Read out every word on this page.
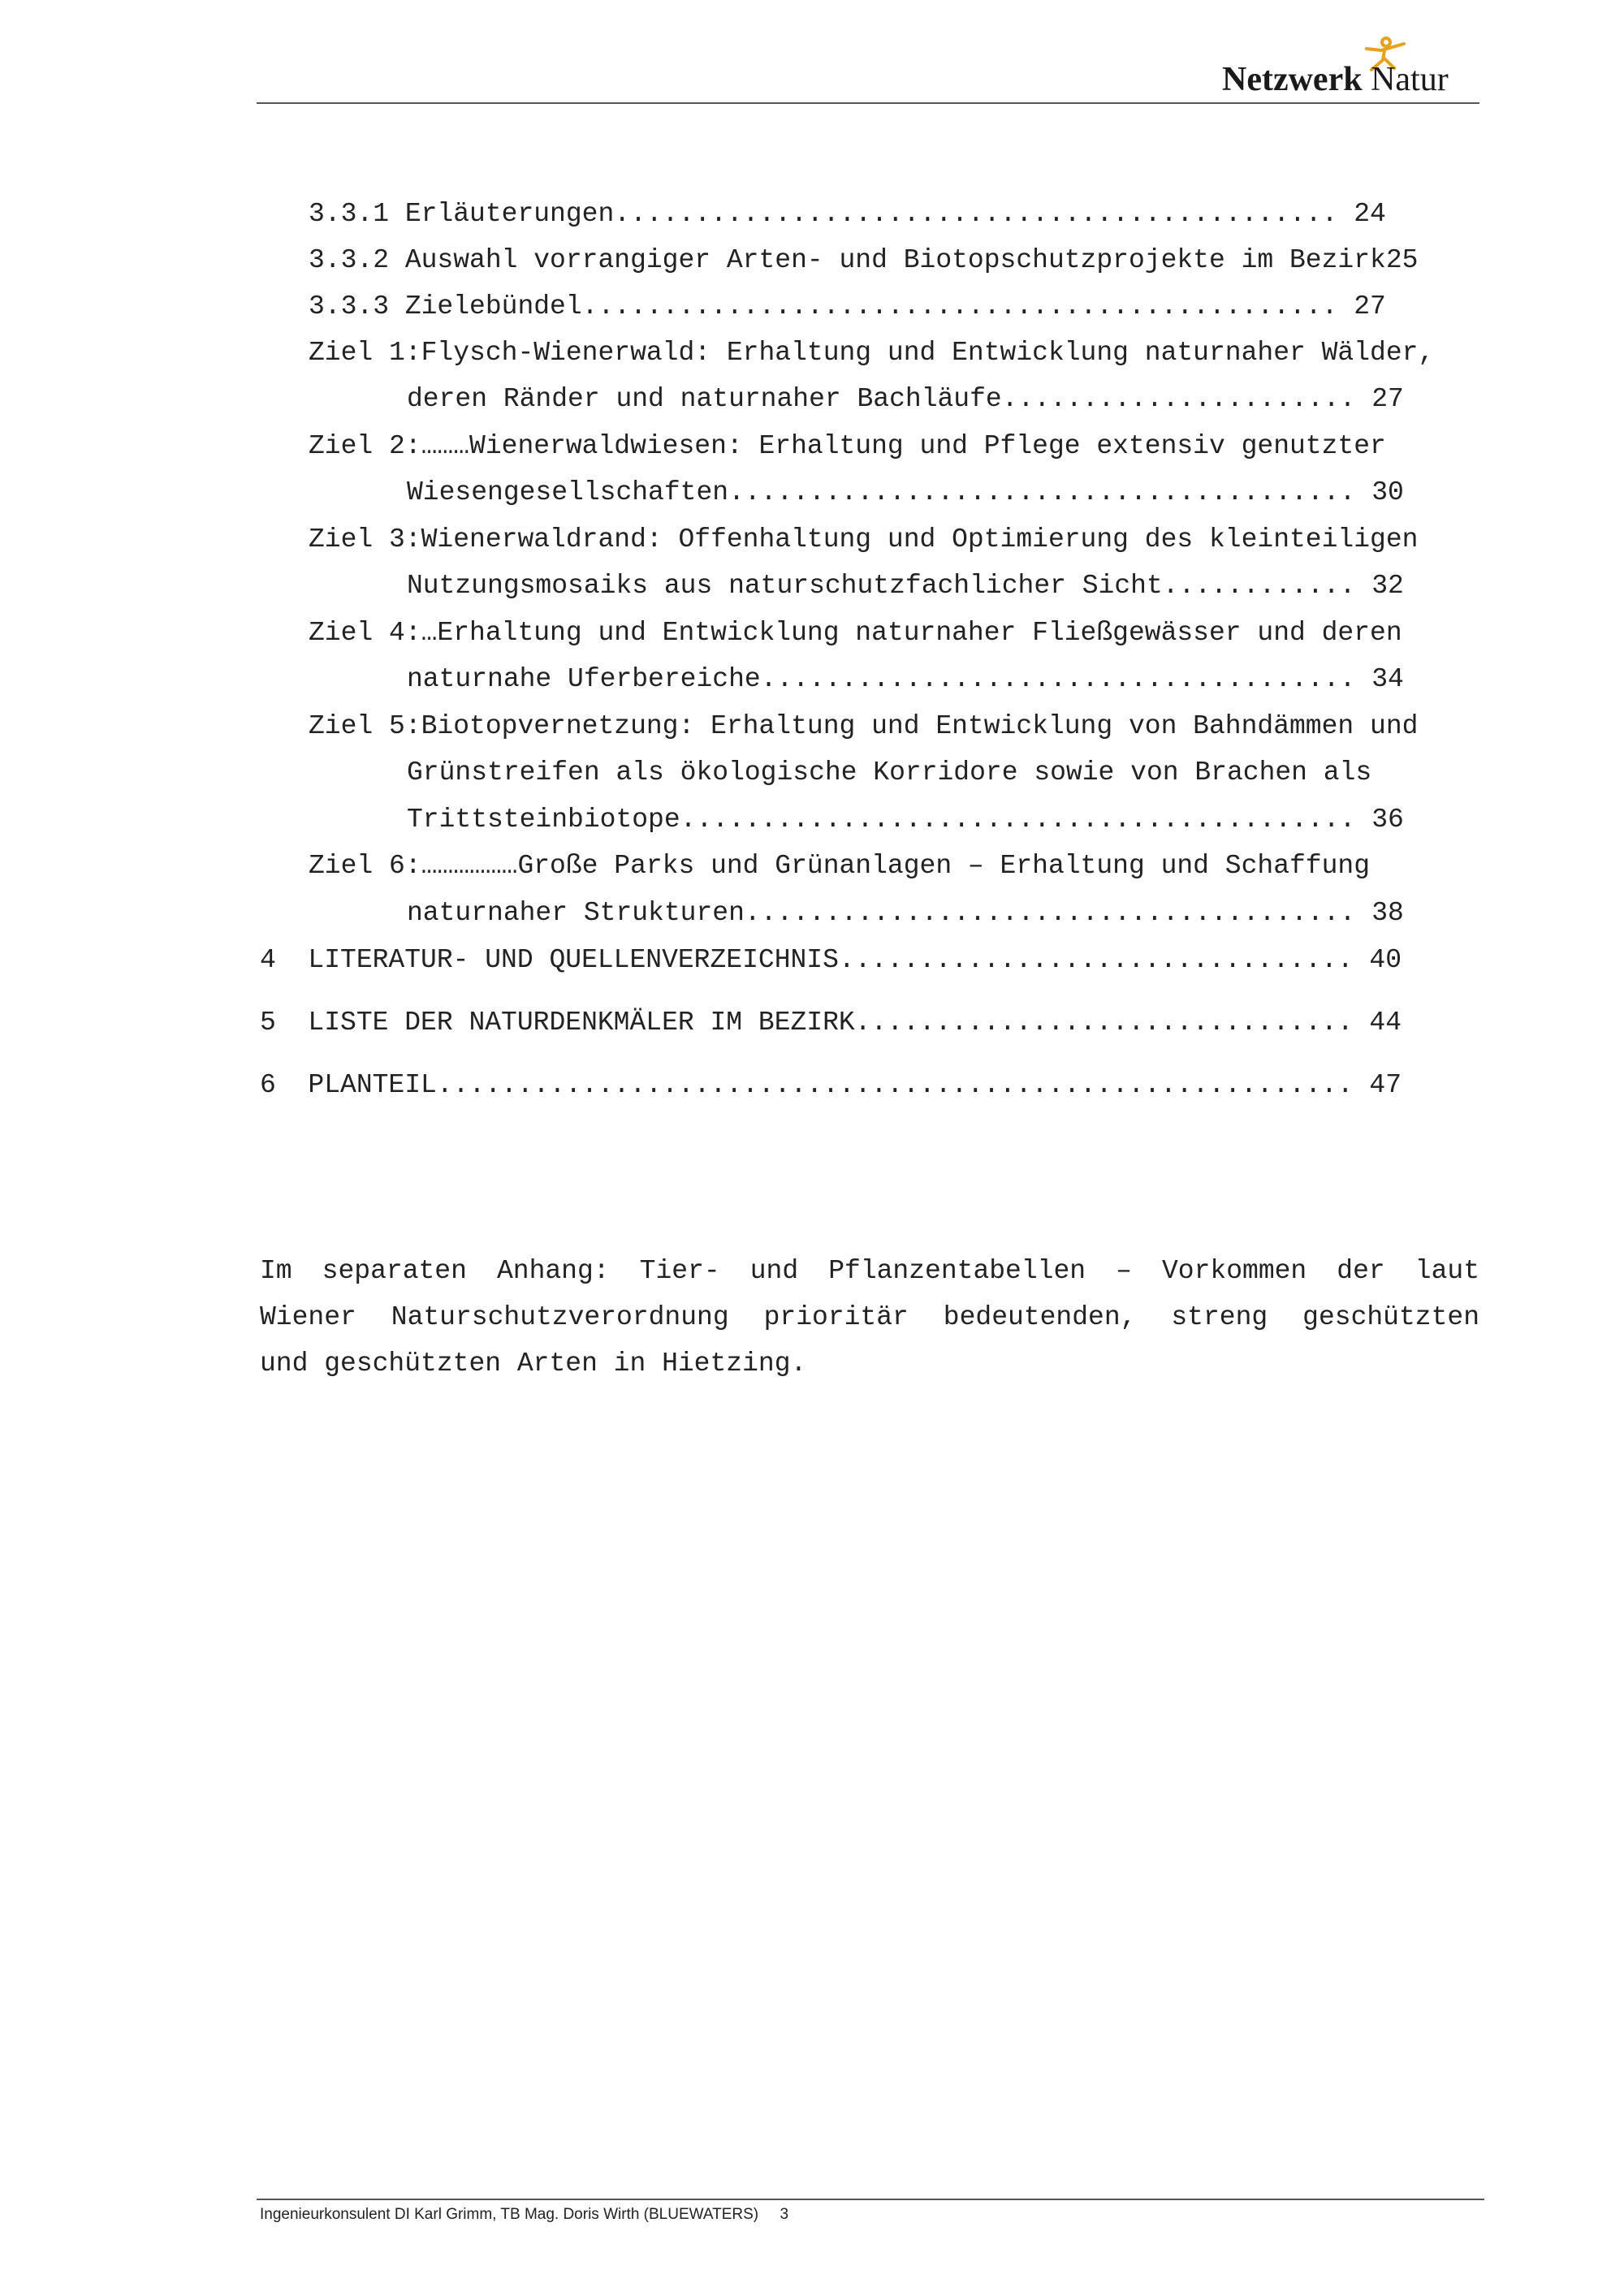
Netzwerk Natur
3.3.1 Erläuterungen............................................. 24
3.3.2 Auswahl vorrangiger Arten- und Biotopschutzprojekte im Bezirk25
3.3.3 Zielebündel............................................... 27
Ziel 1:Flysch-Wienerwald: Erhaltung und Entwicklung naturnaher Wälder,
deren Ränder und naturnaher Bachläufe...................... 27
Ziel 2:………Wienerwaldwiesen: Erhaltung und Pflege extensiv genutzter
Wiesengesellschaften....................................... 30
Ziel 3:Wienerwaldrand: Offenhaltung und Optimierung des kleinteiligen
Nutzungsmosaiks aus naturschutzfachlicher Sicht............ 32
Ziel 4:…Erhaltung und Entwicklung naturnaher Fließgewässer und deren
naturnahe Uferbereiche..................................... 34
Ziel 5:Biotopvernetzung: Erhaltung und Entwicklung von Bahndämmen und
Grünstreifen als ökologische Korridore sowie von Brachen als
Trittsteinbiotope.......................................... 36
Ziel 6:………………Große Parks und Grünanlagen – Erhaltung und Schaffung
naturnaher Strukturen...................................... 38
4  LITERATUR- UND QUELLENVERZEICHNIS................................ 40
5  LISTE DER NATURDENKMÄLER IM BEZIRK............................... 44
6  PLANTEIL......................................................... 47
Im separaten Anhang: Tier- und Pflanzentabellen – Vorkommen der laut
Wiener Naturschutzverordnung prioritär bedeutenden, streng geschützten
und geschützten Arten in Hietzing.
Ingenieurkonsulent DI Karl Grimm, TB Mag. Doris Wirth (BLUEWATERS)     3
